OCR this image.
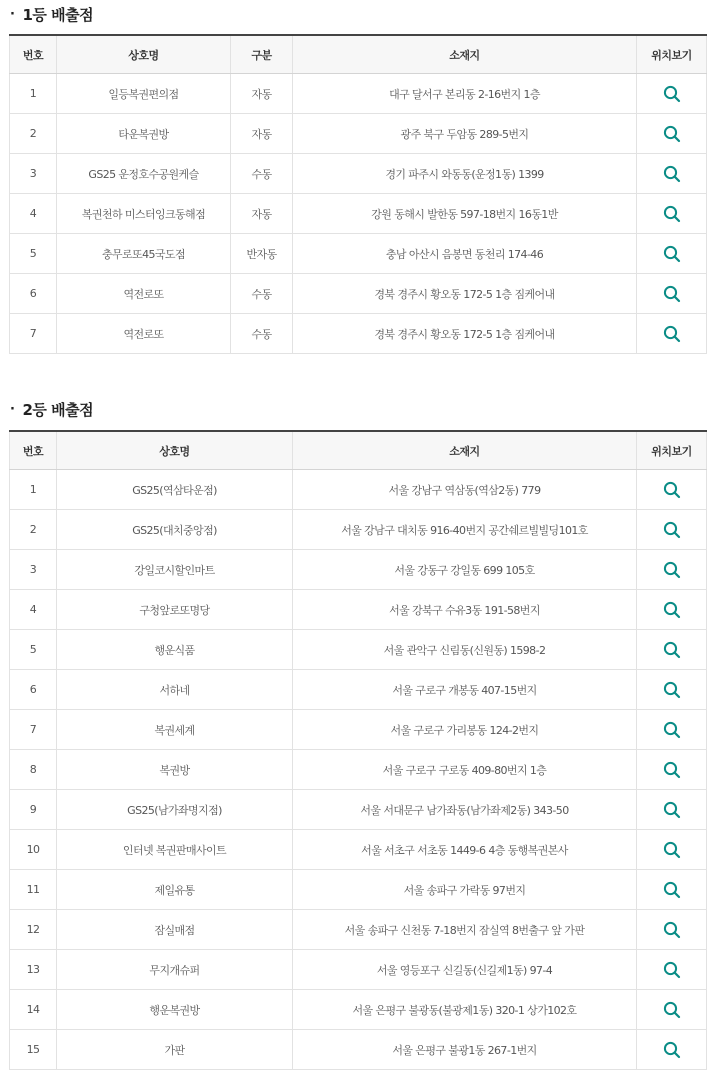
· 1등 배출점
번호	상호명	구분	소재지	위치보기
1	일등복권편의점	자동	대구 달서구 본리동 2-16번지 1층	

2	타운복권방	자동	광주 북구 두암동 289-5번지	

3	GS25 운정호수공원케슬	수동	경기 파주시 와동동(운정1동) 1399	

4	복권천하 미스터잉크동해점	자동	강원 동해시 발한동 597-18번지 16동1반	

5	충무로또45국도점	반자동	충남 아산시 음봉면 동천리 174-46	

6	역전로또	수동	경북 경주시 황오동 172-5 1층 짐케어내	

7	역전로또	수동	경북 경주시 황오동 172-5 1층 짐케어내	
· 2등 배출점
번호	상호명	소재지	위치보기
1	GS25(역삼타운점)	서울 강남구 역삼동(역삼2동) 779	

2	GS25(대치중앙점)	서울 강남구 대치동 916-40번지 공간쉐르빌빌딩101호	

3	강일코시할인마트	서울 강동구 강일동 699 105호	

4	구청앞로또명당	서울 강북구 수유3동 191-58번지	

5	행운식품	서울 관악구 신림동(신원동) 1598-2	

6	서하네	서울 구로구 개봉동 407-15번지	

7	복권세계	서울 구로구 가리봉동 124-2번지	

8	복권방	서울 구로구 구로동 409-80번지 1층	

9	GS25(남가좌명지점)	서울 서대문구 남가좌동(남가좌제2동) 343-50	

10	인터넷 복권판매사이트	서울 서초구 서초동 1449-6 4층 동행복권본사	

11	제일유통	서울 송파구 가락동 97번지	

12	잠실매점	서울 송파구 신천동 7-18번지 잠실역 8번출구 앞 가판	

13	무지개슈퍼	서울 영등포구 신길동(신길제1동) 97-4	

14	행운복권방	서울 은평구 불광동(불광제1동) 320-1 상가102호	

15	가판	서울 은평구 불광1동 267-1번지	
